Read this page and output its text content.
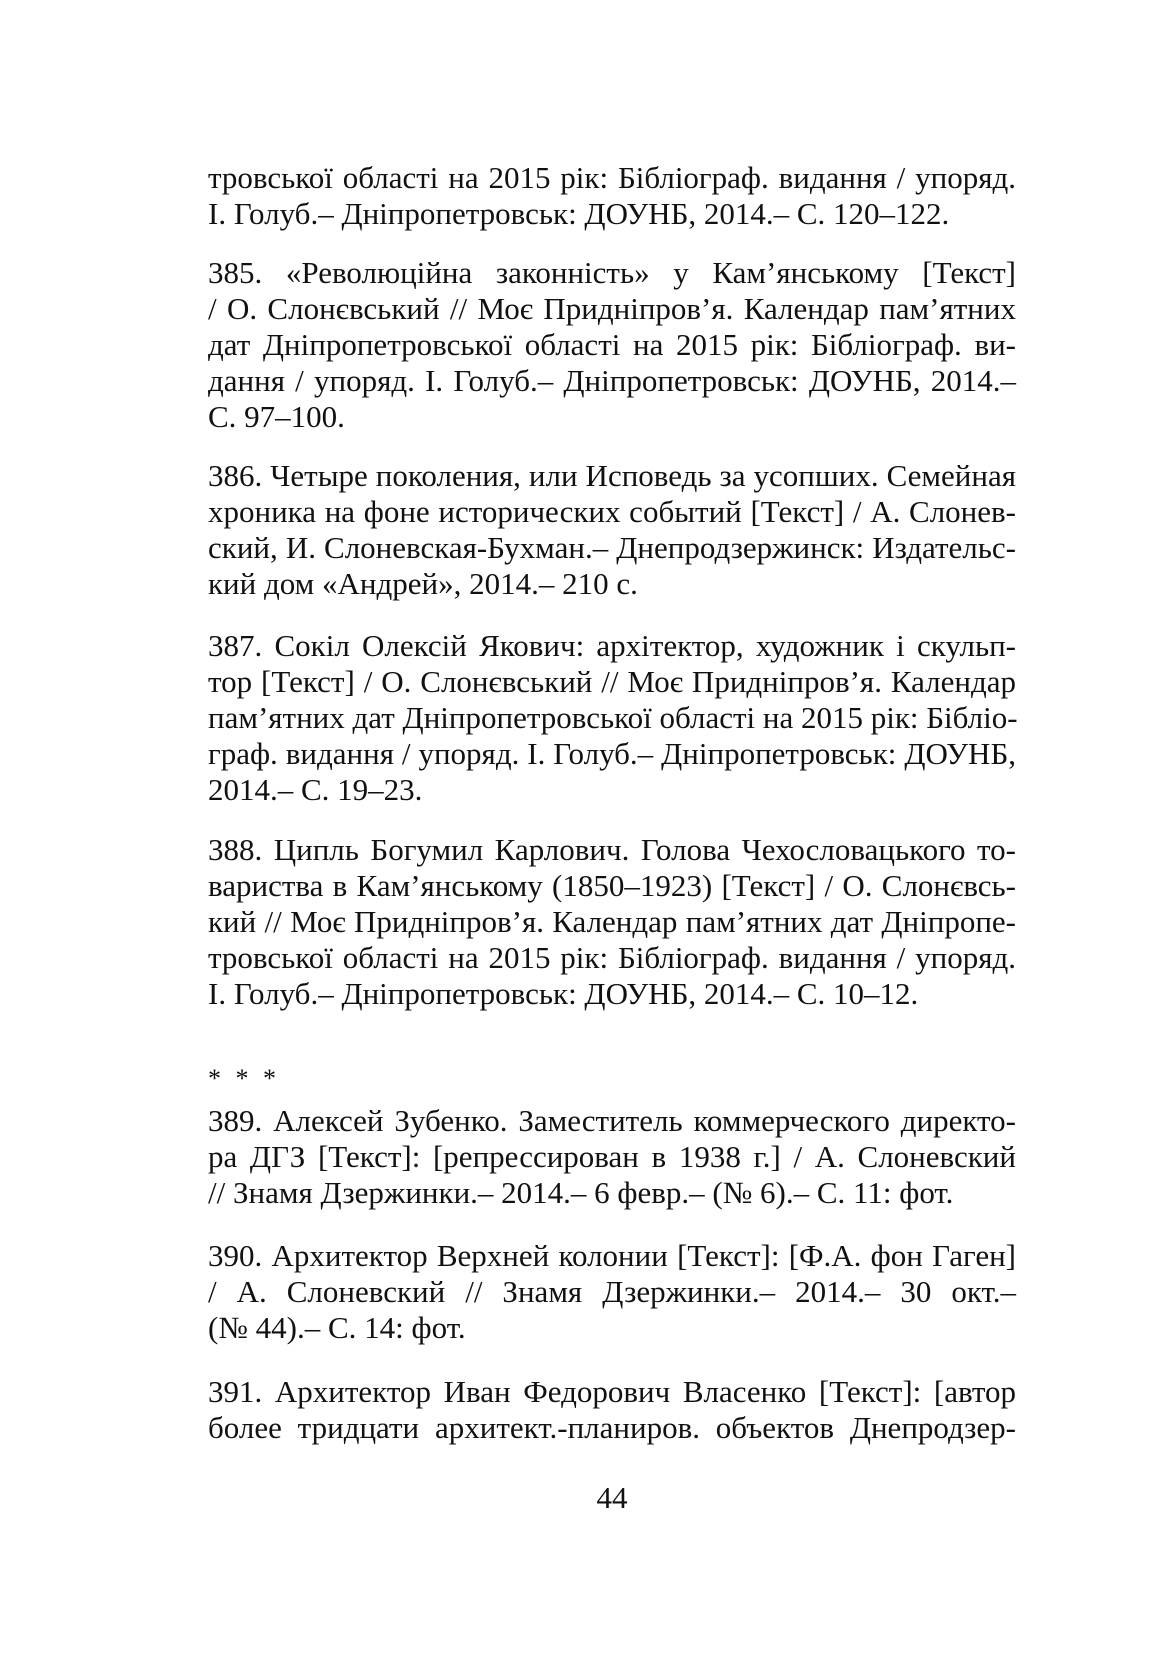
тровської області на 2015 рік: Бібліограф. видання / упоряд.
І. Голуб.– Дніпропетровськ: ДОУНБ, 2014.– С. 120–122.
385. «Революційна законність» у Кам’янському [Текст]
/ О. Слонєвський // Моє Придніпров’я. Календар пам’ятних
дат Дніпропетровської області на 2015 рік: Бібліограф. ви-
дання / упоряд. І. Голуб.– Дніпропетровськ: ДОУНБ, 2014.–
С. 97–100.
386. Четыре поколения, или Исповедь за усопших. Семейная
хроника на фоне исторических событий [Текст] / А. Слонев-
ский, И. Слоневская-Бухман.– Днепродзержинск: Издательс-
кий дом «Андрей», 2014.– 210 с.
387. Сокіл Олексій Якович: архітектор, художник і скульп-
тор [Текст] / О. Слонєвський // Моє Придніпров’я. Календар
пам’ятних дат Дніпропетровської області на 2015 рік: Бібліо-
граф. видання / упоряд. І. Голуб.– Дніпропетровськ: ДОУНБ,
2014.– С. 19–23.
388. Ципль Богумил Карлович. Голова Чехословацького то-
вариства в Кам’янському (1850–1923) [Текст] / О. Слонєвсь-
кий // Моє Придніпров’я. Календар пам’ятних дат Дніпропе-
тровської області на 2015 рік: Бібліограф. видання / упоряд.
І. Голуб.– Дніпропетровськ: ДОУНБ, 2014.– С. 10–12.
* * *
389. Алексей Зубенко. Заместитель коммерческого директо-
ра ДГЗ [Текст]: [репрессирован в 1938 г.] / А. Слоневский
// Знамя Дзержинки.– 2014.– 6 февр.– (№ 6).– С. 11: фот.
390. Архитектор Верхней колонии [Текст]: [Ф.А. фон Гаген]
/ А. Слоневский // Знамя Дзержинки.– 2014.– 30 окт.–
(№ 44).– С. 14: фот.
391. Архитектор Иван Федорович Власенко [Текст]: [автор
более тридцати архитект.-планиров. объектов Днепродзер-
44
